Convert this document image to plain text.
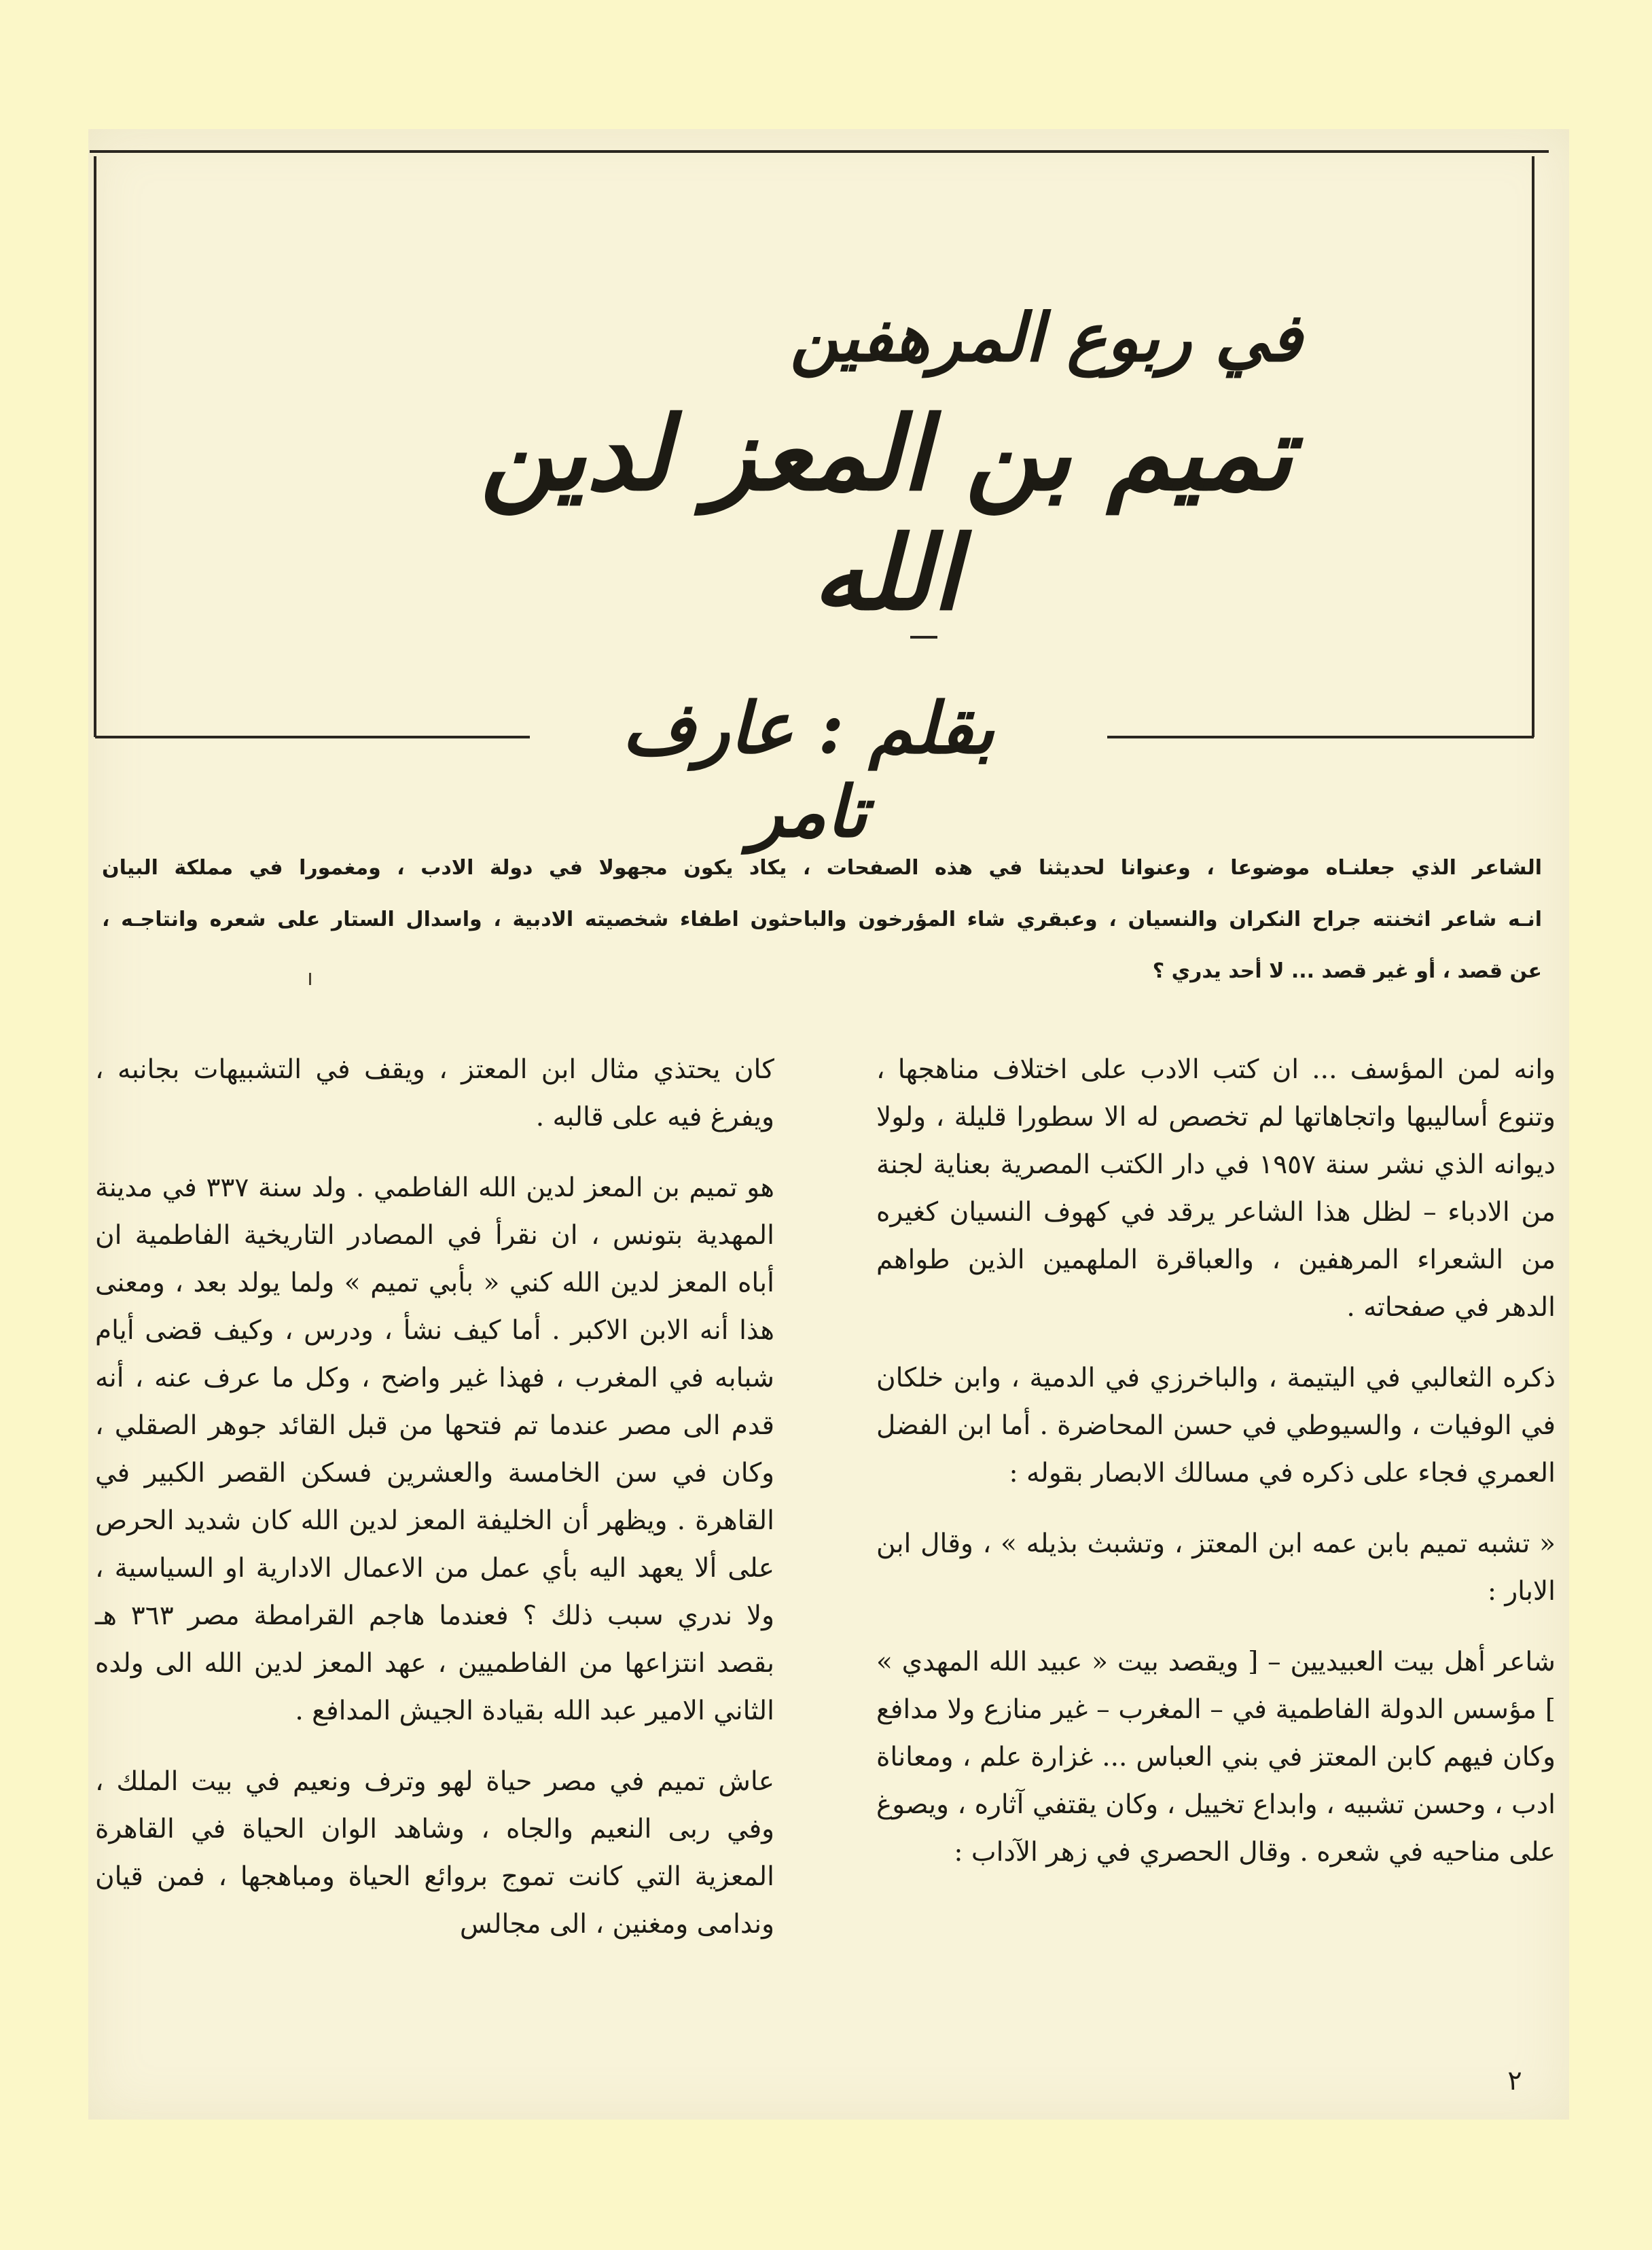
في ربوع المرهفين
تميم بن المعز لدين الله
بقلم : عارف تامر
الشاعر الذي جعلنـاه موضوعا ، وعنوانا لحديثنا في هذه الصفحات ، يكاد يكون مجهولا في دولة الادب ، ومغمورا في مملكة البيان
انـه شاعر اثخنته جراح النكران والنسيان ، وعبقري شاء المؤرخون والباحثون اطفاء شخصيته الادبية ، واسدال الستار على شعره وانتاجـه ،
عن قصد ، أو غير قصد ... لا أحد يدري ؟

وانه لمن المؤسف ... ان كتب الادب على اختلاف مناهجها ، وتنوع أساليبها واتجاهاتها لم تخصص له الا سطورا قليلة ، ولولا ديوانه الذي نشر سنة ١٩٥٧ في دار الكتب المصرية بعناية لجنة من الادباء – لظل هذا الشاعر يرقد في كهوف النسيان كغيره من الشعراء المرهفين ، والعباقرة الملهمين الذين طواهم الدهر في صفحاته .

ذكره الثعالبي في اليتيمة ، والباخرزي في الدمية ، وابن خلكان في الوفيات ، والسيوطي في حسن المحاضرة . أما ابن الفضل العمري فجاء على ذكره في مسالك الابصار بقوله :

« تشبه تميم بابن عمه ابن المعتز ، وتشبث بذيله » ، وقال ابن الابار :

شاعر أهل بيت العبيديين – [ ويقصد بيت « عبيد الله المهدي » ] مؤسس الدولة الفاطمية في – المغرب – غير منازع ولا مدافع وكان فيهم كابن المعتز في بني العباس ... غزارة علم ، ومعاناة ادب ، وحسن تشبيه ، وابداع تخييل ، وكان يقتفي آثاره ، ويصوغ على مناحيه في شعره . وقال الحصري في زهر الآداب :

كان يحتذي مثال ابن المعتز ، ويقف في التشبيهات بجانبه ، ويفرغ فيه على قالبه .

هو تميم بن المعز لدين الله الفاطمي . ولد سنة ٣٣٧ في مدينة المهدية بتونس ، ان نقرأ في المصادر التاريخية الفاطمية ان أباه المعز لدين الله كني « بأبي تميم » ولما يولد بعد ، ومعنى هذا أنه الابن الاكبر . أما كيف نشأ ، ودرس ، وكيف قضى أيام شبابه في المغرب ، فهذا غير واضح ، وكل ما عرف عنه ، أنه قدم الى مصر عندما تم فتحها من قبل القائد جوهر الصقلي ، وكان في سن الخامسة والعشرين فسكن القصر الكبير في القاهرة . ويظهر أن الخليفة المعز لدين الله كان شديد الحرص على ألا يعهد اليه بأي عمل من الاعمال الادارية او السياسية ، ولا ندري سبب ذلك ؟ فعندما هاجم القرامطة مصر ٣٦٣ هـ بقصد انتزاعها من الفاطميين ، عهد المعز لدين الله الى ولده الثاني الامير عبد الله بقيادة الجيش المدافع .

عاش تميم في مصر حياة لهو وترف ونعيم في بيت الملك ، وفي ربى النعيم والجاه ، وشاهد الوان الحياة في القاهرة المعزية التي كانت تموج بروائع الحياة ومباهجها ، فمن قيان وندامى ومغنين ، الى مجالس

٢
